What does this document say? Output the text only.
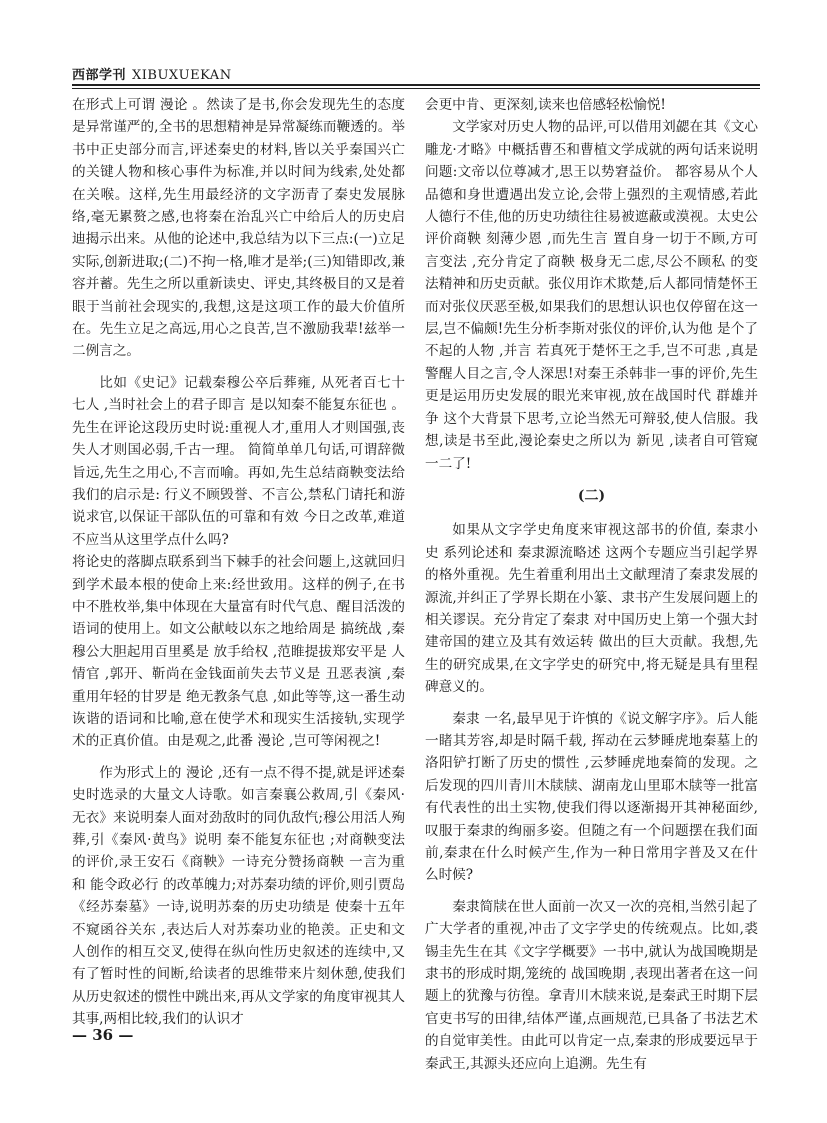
西部学刊 XIBUXUEKAN

在形式上可谓 漫论 。然读了是书,你会发现先生的态度是异常谨严的,全书的思想精神是异常凝练而鞭透的。举书中正史部分而言,评述秦史的材料,皆以关乎秦国兴亡的关键人物和核心事件为标准,并以时间为线索,处处都在关喉。这样,先生用最经济的文字沥青了秦史发展脉络,毫无累赘之感,也将秦在治乱兴亡中给后人的历史启迪揭示出来。从他的论述中,我总结为以下三点:(一)立足实际,创新进取;(二)不拘一格,唯才是举;(三)知错即改,兼容并蓄。先生之所以重新读史、评史,其终极目的又是着眼于当前社会现实的,我想,这是这项工作的最大价值所在。先生立足之高远,用心之良苦,岂不激励我辈!兹举一二例言之。

比如《史记》记载秦穆公卒后葬雍, 从死者百七十七人 ,当时社会上的君子即言 是以知秦不能复东征也 。先生在评论这段历史时说:重视人才,重用人才则国强,丧失人才则国必弱,千古一理。 简简单单几句话,可谓辞微旨远,先生之用心,不言而喻。再如,先生总结商鞅变法给我们的启示是: 行义不顾毁誉、不言公,禁私门请托和游说求官,以保证干部队伍的可靠和有效 今日之改革,难道不应当从这里学点什么吗?

将论史的落脚点联系到当下棘手的社会问题上,这就回归到学术最本根的使命上来:经世致用。这样的例子,在书中不胜枚举,集中体现在大量富有时代气息、醒目活泼的语词的使用上。如文公献岐以东之地给周是 搞统战 ,秦穆公大胆起用百里奚是 放手给权 ,范睢提拔郑安平是 人情官 ,郭开、靳尚在金钱面前失去节义是 丑恶表演 ,秦重用年轻的甘罗是 绝无教条气息 ,如此等等,这一番生动诙谐的语词和比喻,意在使学术和现实生活接轨,实现学术的正真价值。由是观之,此番 漫论 ,岂可等闲视之!

作为形式上的 漫论 ,还有一点不得不提,就是评述秦史时选录的大量文人诗歌。如言秦襄公救周,引《秦风·无衣》来说明秦人面对劲敌时的同仇敌忾;穆公用活人殉葬,引《秦风·黄鸟》说明 秦不能复东征也 ;对商鞅变法的评价,录王安石《商鞅》一诗充分赞扬商鞅 一言为重 和 能令政必行 的改革魄力;对苏秦功绩的评价,则引贾岛《经苏秦墓》一诗,说明苏秦的历史功绩是 使秦十五年不窥函谷关东 ,表达后人对苏秦功业的艳羡。正史和文人创作的相互交叉,使得在纵向性历史叙述的连续中,又有了暂时性的间断,给读者的思维带来片刻休憩,使我们从历史叙述的惯性中跳出来,再从文学家的角度审视其人其事,两相比较,我们的认识才

会更中肯、更深刻,读来也倍感轻松愉悦!

文学家对历史人物的品评,可以借用刘勰在其《文心雕龙·才略》中概括曹丕和曹植文学成就的两句话来说明问题:文帝以位尊减才,思王以势窘益价。 都容易从个人品德和身世遭遇出发立论,会带上强烈的主观情感,若此人德行不佳,他的历史功绩往往易被遮蔽或漠视。太史公评价商鞅 刻薄少恩 ,而先生言 置自身一切于不顾,方可言变法 ,充分肯定了商鞅 极身无二虑,尽公不顾私 的变法精神和历史贡献。张仪用诈术欺楚,后人都同情楚怀王而对张仪厌恶至极,如果我们的思想认识也仅停留在这一层,岂不偏颇!先生分析李斯对张仪的评价,认为他 是个了不起的人物 ,并言 若真死于楚怀王之手,岂不可悲 ,真是警醒人目之言,令人深思!对秦王杀韩非一事的评价,先生更是运用历史发展的眼光来审视,放在战国时代 群雄并争 这个大背景下思考,立论当然无可辩驳,使人信服。我想,读是书至此,漫论秦史之所以为 新见 ,读者自可管窥一二了!

(二)

如果从文字学史角度来审视这部书的价值, 秦隶小史 系列论述和 秦隶源流略述 这两个专题应当引起学界的格外重视。先生着重利用出土文献理清了秦隶发展的源流,并纠正了学界长期在小篆、隶书产生发展问题上的相关谬误。充分肯定了秦隶 对中国历史上第一个强大封建帝国的建立及其有效运转 做出的巨大贡献。我想,先生的研究成果,在文字学史的研究中,将无疑是具有里程碑意义的。

秦隶 一名,最早见于许慎的《说文解字序》。后人能一睹其芳容,却是时隔千载, 挥动在云梦睡虎地秦墓上的洛阳铲打断了历史的惯性 ,云梦睡虎地秦简的发现。之后发现的四川青川木牍牍、湖南龙山里耶木牍等一批富有代表性的出土实物,使我们得以逐渐揭开其神秘面纱,叹服于秦隶的绚丽多姿。但随之有一个问题摆在我们面前,秦隶在什么时候产生,作为一种日常用字普及又在什么时候?

秦隶简牍在世人面前一次又一次的亮相,当然引起了广大学者的重视,冲击了文字学史的传统观点。比如,裘锡圭先生在其《文字学概要》一书中,就认为战国晚期是隶书的形成时期,笼统的 战国晚期 ,表现出著者在这一问题上的犹豫与彷徨。拿青川木牍来说,是秦武王时期下层官吏书写的田律,结体严谨,点画规范,已具备了书法艺术的自觉审美性。由此可以肯定一点,秦隶的形成要远早于秦武王,其源头还应向上追溯。先生有

— 36 —
